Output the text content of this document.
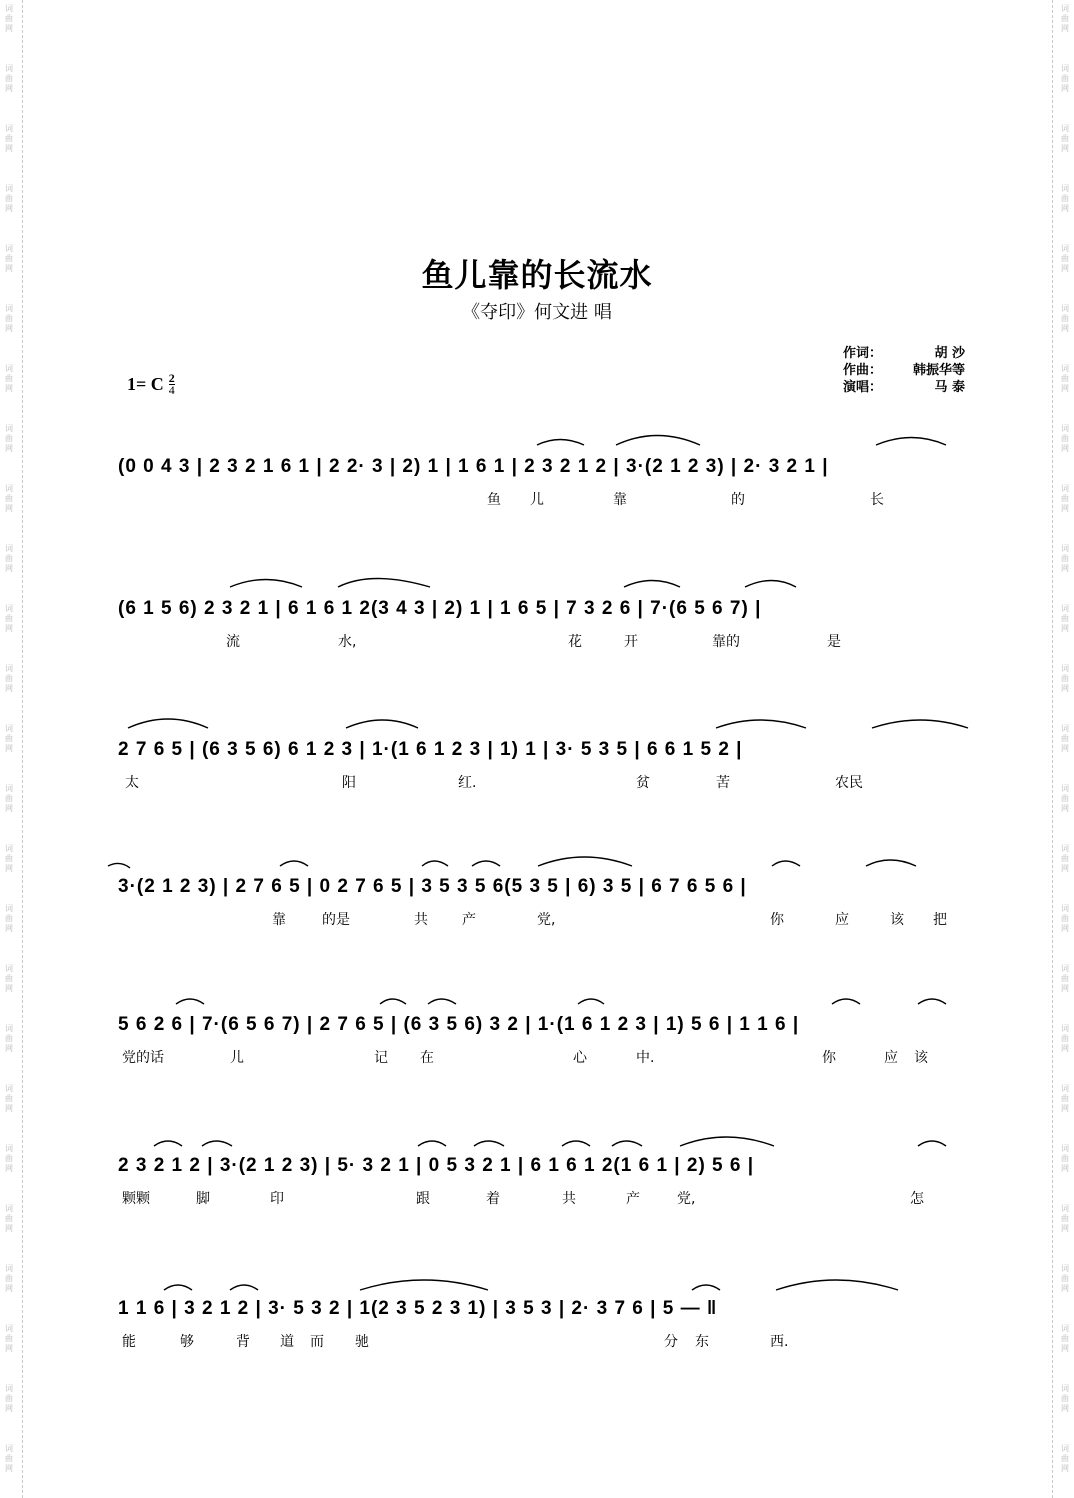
词
曲
网
词
曲
网
词
曲
网
词
曲
网
词
曲
网
词
曲
网
词
曲
网
词
曲
网
词
曲
网
词
曲
网
词
曲
网
词
曲
网
词
曲
网
词
曲
网
词
曲
网
词
曲
网
词
曲
网
词
曲
网
词
曲
网
词
曲
网
词
曲
网
词
曲
网
词
曲
网
词
曲
网
词
曲
网
词
曲
网
词
曲
网
词
曲
网
词
曲
网
词
曲
网
词
曲
网
词
曲
网
词
曲
网
词
曲
网
词
曲
网
词
曲
网
词
曲
网
词
曲
网
词
曲
网
词
曲
网
词
曲
网
词
曲
网
词
曲
网
词
曲
网
词
曲
网
词
曲
网
词
曲
网
词
曲
网
词
曲
网
词
曲
网
鱼儿靠的长流水
《夺印》何文进 唱
1= C $\frac{2}{4}$
作词：	胡 沙
作曲： 韩振华等
演唱：	马 泰
(0 0 4 3 | 2 3 2 1 6 1 | 2 2· 3 | 2) 1 | 1 6 1 | 2 3 2 1 2 | 3·(2 1 2 3) | 2· 3 2 1 |
鱼 儿	靠	的	长
(6 1 5 6) 2 3 2 1 | 6 1 6 1 2(3 4 3 | 2) 1 | 1 6 5 | 7 3 2 6 | 7·(6 5 6 7) |
流	水,	花	开	靠的	是
2 7 6 5 | (6 3 5 6) 6 1 2 3 | 1·(1 6 1 2 3 | 1) 1 | 3· 5 3 5 | 6 6 1 5 2 |
太	阳	红.	贫	苦	农民
3·(2 1 2 3) | 2 7 6 5 | 0 2 7 6 5 | 3 5 3 5 6(5 3 5 | 6) 3 5 | 6 7 6 5 6 |
靠	的是	共 产	党,	你	应	该 把
5 6 2 6 | 7·(6 5 6 7) | 2 7 6 5 | (6 3 5 6) 3 2 | 1·(1 6 1 2 3 | 1) 5 6 | 1 1 6 |
党的话	儿	记 在	心	中.	你	应 该
2 3 2 1 2 | 3·(2 1 2 3) | 5· 3 2 1 | 0 5 3 2 1 | 6 1 6 1 2(1 6 1 | 2) 5 6 |
颗颗	脚	印	跟	着	共	产	党,	怎
1 1 6 | 3 2 1 2 | 3· 5 3 2 | 1(2 3 5 2 3 1) | 3 5 3 | 2· 3 7 6 | 5 — ‖
能	够	背 道 而 驰	分 东	西.
